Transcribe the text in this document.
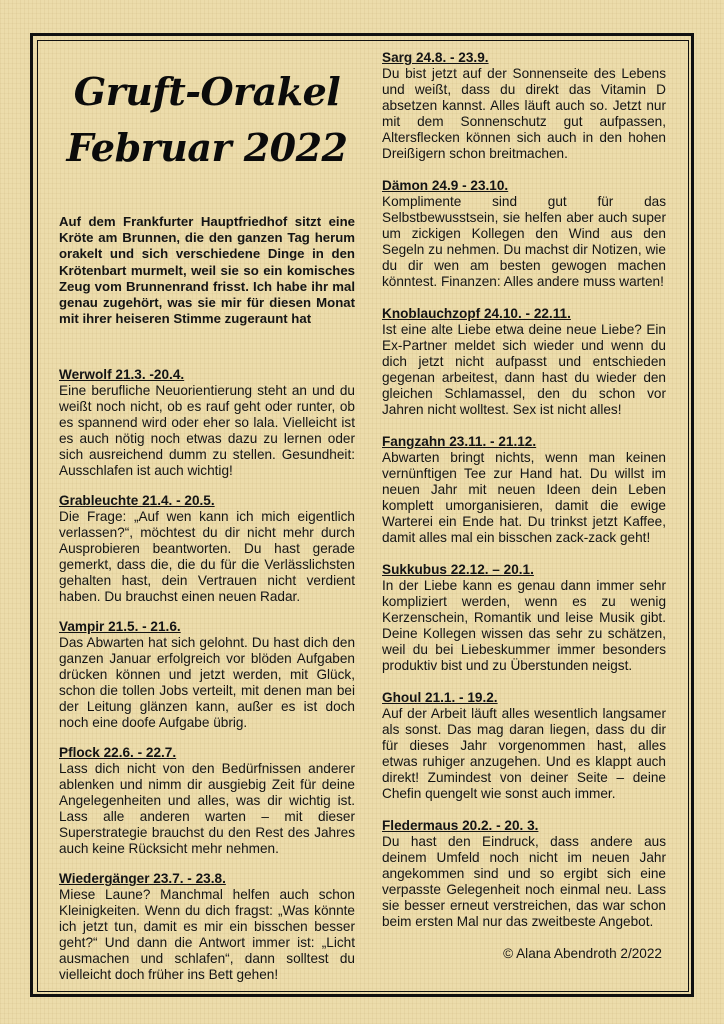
Gruft-Orakel
Februar 2022

Auf dem Frankfurter Hauptfriedhof sitzt eine Kröte am Brunnen, die den ganzen Tag herum orakelt und sich verschiedene Dinge in den Krötenbart murmelt, weil sie so ein komisches Zeug vom Brunnenrand frisst. Ich habe ihr mal genau zugehört, was sie mir für diesen Monat mit ihrer heiseren Stimme zugeraunt hat

Werwolf 21.3. -20.4.

Eine berufliche Neuorientierung steht an und du weißt noch nicht, ob es rauf geht oder runter, ob es spannend wird oder eher so lala. Vielleicht ist es auch nötig noch etwas dazu zu lernen oder sich ausreichend dumm zu stellen. Gesundheit: Ausschlafen ist auch wichtig!

Grableuchte 21.4. - 20.5.

Die Frage: „Auf wen kann ich mich eigentlich verlassen?“, möchtest du dir nicht mehr durch Ausprobieren beantworten. Du hast gerade gemerkt, dass die, die du für die Verlässlichsten gehalten hast, dein Vertrauen nicht verdient haben. Du brauchst einen neuen Radar.

Vampir 21.5. - 21.6.

Das Abwarten hat sich gelohnt. Du hast dich den ganzen Januar erfolgreich vor blöden Aufgaben drücken können und jetzt werden, mit Glück, schon die tollen Jobs verteilt, mit denen man bei der Leitung glänzen kann, außer es ist doch noch eine doofe Aufgabe übrig.

Pflock 22.6. - 22.7.

Lass dich nicht von den Bedürfnissen anderer ablenken und nimm dir ausgiebig Zeit für deine Angelegenheiten und alles, was dir wichtig ist. Lass alle anderen warten – mit dieser Superstrategie brauchst du den Rest des Jahres auch keine Rücksicht mehr nehmen.

Wiedergänger 23.7. - 23.8.

Miese Laune? Manchmal helfen auch schon Kleinigkeiten. Wenn du dich fragst: „Was könnte ich jetzt tun, damit es mir ein bisschen besser geht?“ Und dann die Antwort immer ist: „Licht ausmachen und schlafen“, dann solltest du vielleicht doch früher ins Bett gehen!

Sarg 24.8. - 23.9.

Du bist jetzt auf der Sonnenseite des Lebens und weißt, dass du direkt das Vitamin D absetzen kannst. Alles läuft auch so. Jetzt nur mit dem Sonnenschutz gut aufpassen, Altersflecken können sich auch in den hohen Dreißigern schon breitmachen.

Dämon 24.9 - 23.10.

Komplimente sind gut für das Selbstbewusstsein, sie helfen aber auch super um zickigen Kollegen den Wind aus den Segeln zu nehmen. Du machst dir Notizen, wie du dir wen am besten gewogen machen könntest. Finanzen: Alles andere muss warten!

Knoblauchzopf 24.10. - 22.11.

Ist eine alte Liebe etwa deine neue Liebe? Ein Ex-Partner meldet sich wieder und wenn du dich jetzt nicht aufpasst und entschieden gegenan arbeitest, dann hast du wieder den gleichen Schlamassel, den du schon vor Jahren nicht wolltest. Sex ist nicht alles!

Fangzahn 23.11. - 21.12.

Abwarten bringt nichts, wenn man keinen vernünftigen Tee zur Hand hat. Du willst im neuen Jahr mit neuen Ideen dein Leben komplett umorganisieren, damit die ewige Warterei ein Ende hat. Du trinkst jetzt Kaffee, damit alles mal ein bisschen zack-zack geht!

Sukkubus 22.12. – 20.1.

In der Liebe kann es genau dann immer sehr kompliziert werden, wenn es zu wenig Kerzenschein, Romantik und leise Musik gibt. Deine Kollegen wissen das sehr zu schätzen, weil du bei Liebeskummer immer besonders produktiv bist und zu Überstunden neigst.

Ghoul 21.1. - 19.2.

Auf der Arbeit läuft alles wesentlich langsamer als sonst. Das mag daran liegen, dass du dir für dieses Jahr vorgenommen hast, alles etwas ruhiger anzugehen. Und es klappt auch direkt! Zumindest von deiner Seite – deine Chefin quengelt wie sonst auch immer.

Fledermaus 20.2. - 20. 3.

Du hast den Eindruck, dass andere aus deinem Umfeld noch nicht im neuen Jahr angekommen sind und so ergibt sich eine verpasste Gelegenheit noch einmal neu. Lass sie besser erneut verstreichen, das war schon beim ersten Mal nur das zweitbeste Angebot.

© Alana Abendroth 2/2022
